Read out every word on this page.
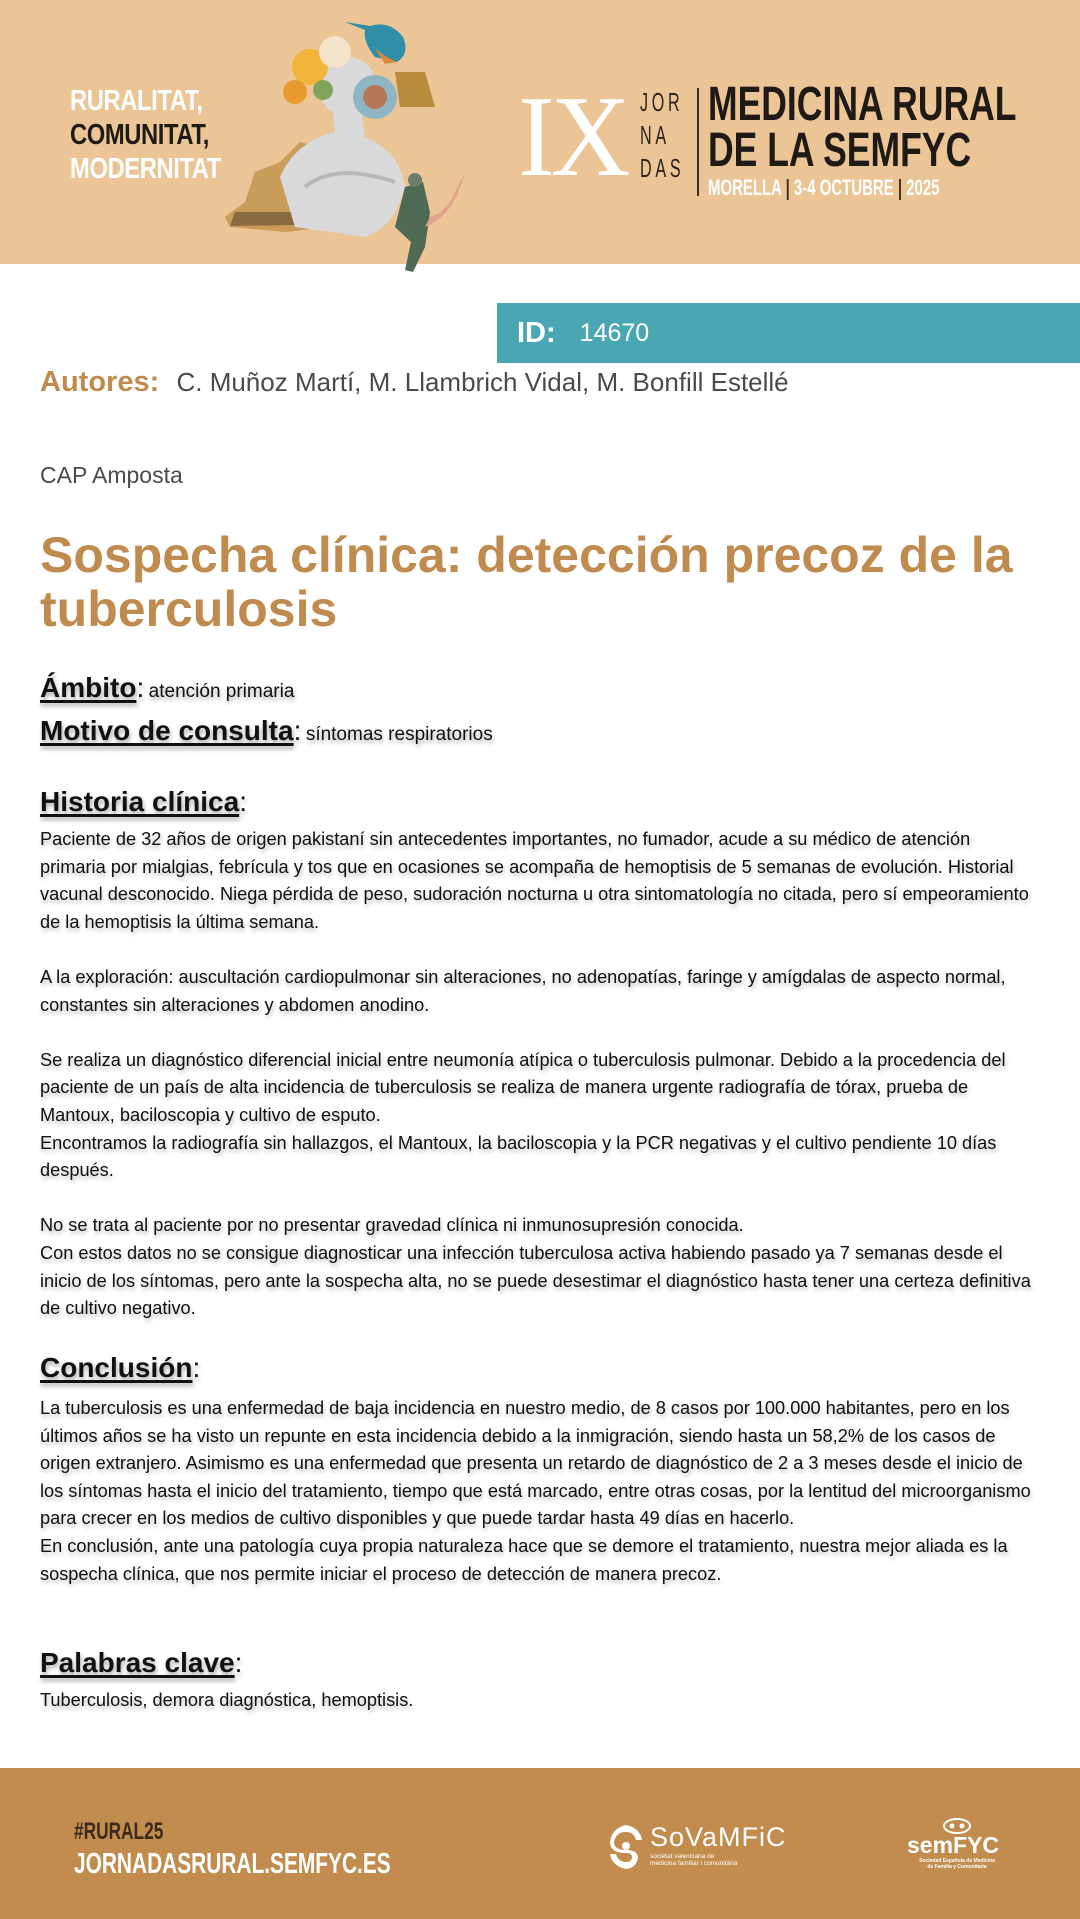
RURALITAT,
COMUNITAT,
MODERNITAT	IX JOR
NA
DAS
MEDICINA RURAL
DE LA SEMFYC
MORELLA | 3-4 OCTUBRE | 2025
ID: 14670
Autores: C. Muñoz Martí, M. Llambrich Vidal, M. Bonfill Estellé
CAP Amposta
Sospecha clínica: detección precoz de la tuberculosis
Ámbito: atención primaria
Motivo de consulta: síntomas respiratorios
Historia clínica:

Paciente de 32 años de origen pakistaní sin antecedentes importantes, no fumador, acude a su médico de atención primaria por mialgias, febrícula y tos que en ocasiones se acompaña de hemoptisis de 5 semanas de evolución. Historial vacunal desconocido. Niega pérdida de peso, sudoración nocturna u otra sintomatología no citada, pero sí empeoramiento de la hemoptisis la última semana.

A la exploración: auscultación cardiopulmonar sin alteraciones, no adenopatías, faringe y amígdalas de aspecto normal, constantes sin alteraciones y abdomen anodino.

Se realiza un diagnóstico diferencial inicial entre neumonía atípica o tuberculosis pulmonar. Debido a la procedencia del paciente de un país de alta incidencia de tuberculosis se realiza de manera urgente radiografía de tórax, prueba de Mantoux, baciloscopia y cultivo de esputo.

Encontramos la radiografía sin hallazgos, el Mantoux, la baciloscopia y la PCR negativas y el cultivo pendiente 10 días después.

No se trata al paciente por no presentar gravedad clínica ni inmunosupresión conocida.

Con estos datos no se consigue diagnosticar una infección tuberculosa activa habiendo pasado ya 7 semanas desde el inicio de los síntomas, pero ante la sospecha alta, no se puede desestimar el diagnóstico hasta tener una certeza definitiva de cultivo negativo.

Conclusión:

La tuberculosis es una enfermedad de baja incidencia en nuestro medio, de 8 casos por 100.000 habitantes, pero en los últimos años se ha visto un repunte en esta incidencia debido a la inmigración, siendo hasta un 58,2% de los casos de origen extranjero. Asimismo es una enfermedad que presenta un retardo de diagnóstico de 2 a 3 meses desde el inicio de los síntomas hasta el inicio del tratamiento, tiempo que está marcado, entre otras cosas, por la lentitud del microorganismo para crecer en los medios de cultivo disponibles y que puede tardar hasta 49 días en hacerlo.

En conclusión, ante una patología cuya propia naturaleza hace que se demore el tratamiento, nuestra mejor aliada es la sospecha clínica, que nos permite iniciar el proceso de detección de manera precoz.

Palabras clave:

Tuberculosis, demora diagnóstica, hemoptisis.

#RURAL25
JORNADASRURAL.SEMFYC.ES
SoVaMFiC
societat valenciana de
medicina familiar i comunitària
semFYC
Sociedad Española de Medicina
de Familia y Comunitaria
